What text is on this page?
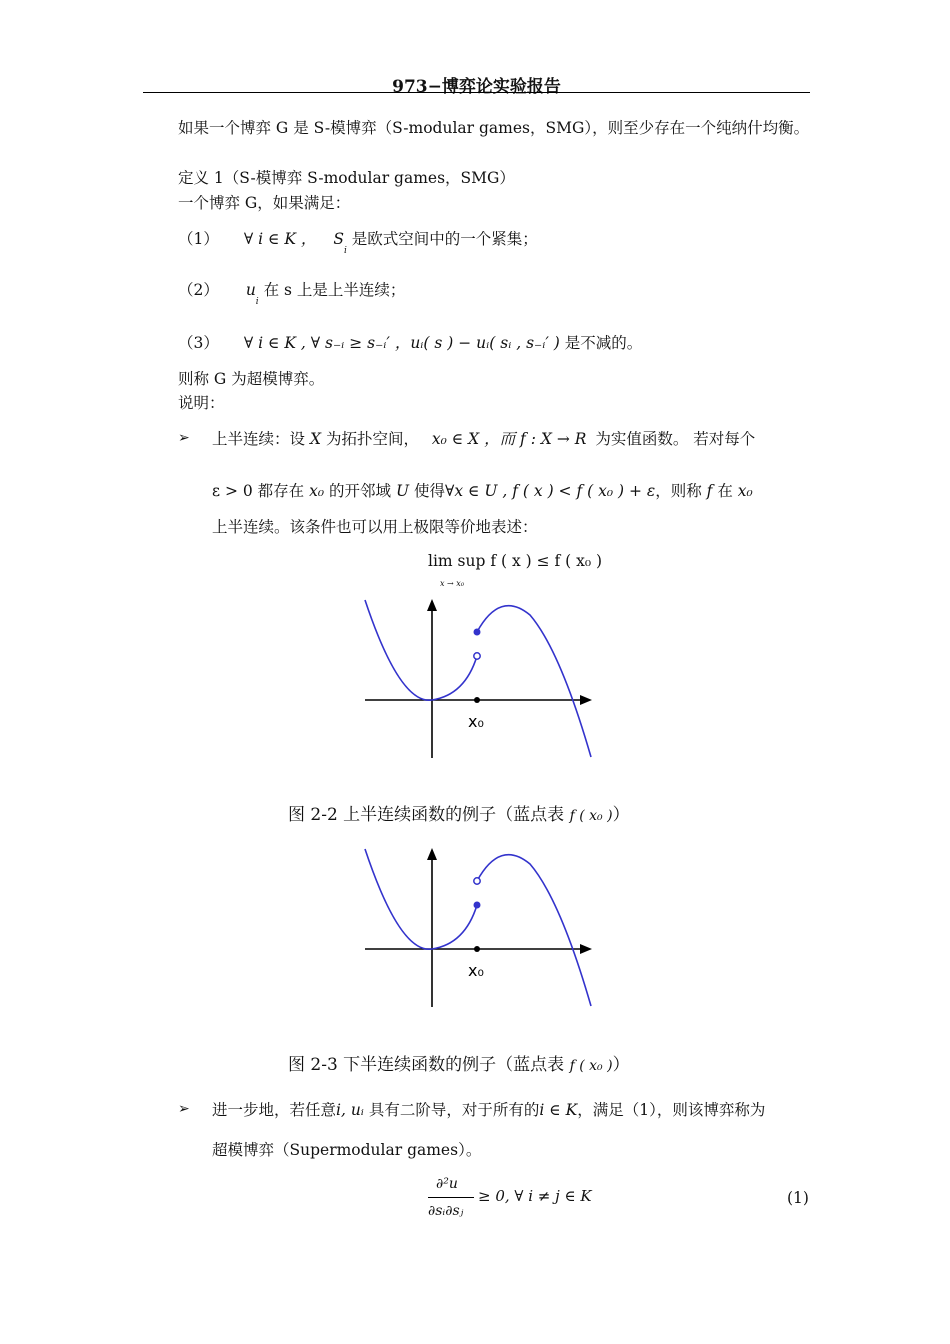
973−博弈论实验报告
如果一个博弈 G 是 S-模博弈（S-modular games，SMG），则至少存在一个纯纳什均衡。
定义 1（S-模博弈 S-modular games，SMG）
一个博弈 G，如果满足：
（1） ∀ i ∈ K ， $S_i$ 是欧式空间中的一个紧集；
（2） $u_i$ 在 s 上是上半连续；
（3） ∀ i ∈ K , ∀ s₋ᵢ ≥ s₋ᵢ′ ，uᵢ( s ) − uᵢ( sᵢ , s₋ᵢ′ ) 是不减的。
则称 G 为超模博弈。
说明：
➢ 上半连续：设 X 为拓扑空间， x₀ ∈ X ，而 f : X → R 为实值函数。 若对每个
ε > 0 都存在 x₀ 的开邻域 U 使得∀x ∈ U , f ( x ) < f ( x₀ ) + ε，则称 f 在 x₀
上半连续。该条件也可以用上极限等价地表述：
lim sup f ( x ) ≤ f ( x₀ )
x → x₀
x₀
图 2-2 上半连续函数的例子（蓝点表 f ( x₀ )）
x₀
图 2-3 下半连续函数的例子（蓝点表 f ( x₀ )）
➢ 进一步地，若任意i, uᵢ 具有二阶导，对于所有的i ∈ K，满足（1），则该博弈称为
超模博弈（Supermodular games）。
∂²u
∂sᵢ∂sⱼ
≥ 0, ∀ i ≠ j ∈ K	(1)
